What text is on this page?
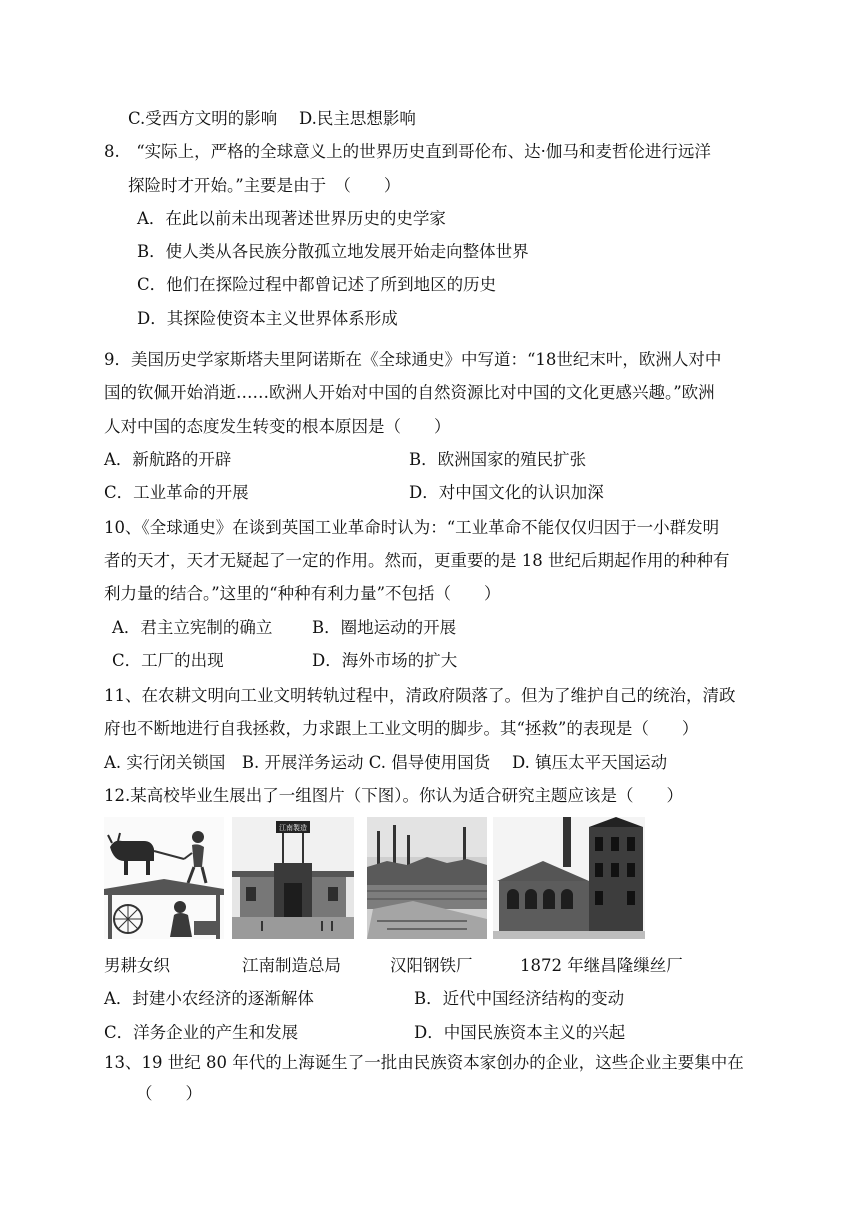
C.受西方文明的影响　 D.民主思想影响
8.　“实际上，严格的全球意义上的世界历史直到哥伦布、达·伽马和麦哲伦进行远洋
探险时才开始。”主要是由于　（　　）
A．在此以前未出现著述世界历史的史学家
B．使人类从各民族分散孤立地发展开始走向整体世界
C．他们在探险过程中都曾记述了所到地区的历史
D．其探险使资本主义世界体系形成
9．美国历史学家斯塔夫里阿诺斯在《全球通史》中写道：“18世纪末叶，欧洲人对中
国的钦佩开始消逝……欧洲人开始对中国的自然资源比对中国的文化更感兴趣。”欧洲
人对中国的态度发生转变的根本原因是（　　）
A．新航路的开辟	B．欧洲国家的殖民扩张
C．工业革命的开展	D．对中国文化的认识加深
10、《全球通史》在谈到英国工业革命时认为：“工业革命不能仅仅归因于一小群发明
者的天才，天才无疑起了一定的作用。然而，更重要的是 18 世纪后期起作用的种种有
利力量的结合。”这里的“种种有利力量”不包括（　　）
A．君主立宪制的确立 B．圈地运动的开展
C．工厂的出现	D．海外市场的扩大
11、在农耕文明向工业文明转轨过程中，清政府陨落了。但为了维护自己的统治，清政
府也不断地进行自我拯救，力求跟上工业文明的脚步。其“拯救”的表现是（　　）
A. 实行闭关锁国　B. 开展洋务运动 C. 倡导使用国货　 D. 镇压太平天国运动
12.某高校毕业生展出了一组图片（下图）。你认为适合研究主题应该是（　　）
江南製造
男耕女织	江南制造总局	汉阳钢铁厂	1872 年继昌隆缫丝厂
A．封建小农经济的逐渐解体	B．近代中国经济结构的变动
C．洋务企业的产生和发展	D．中国民族资本主义的兴起
13、19 世纪 80 年代的上海诞生了一批由民族资本家创办的企业，这些企业主要集中在
（　　）
